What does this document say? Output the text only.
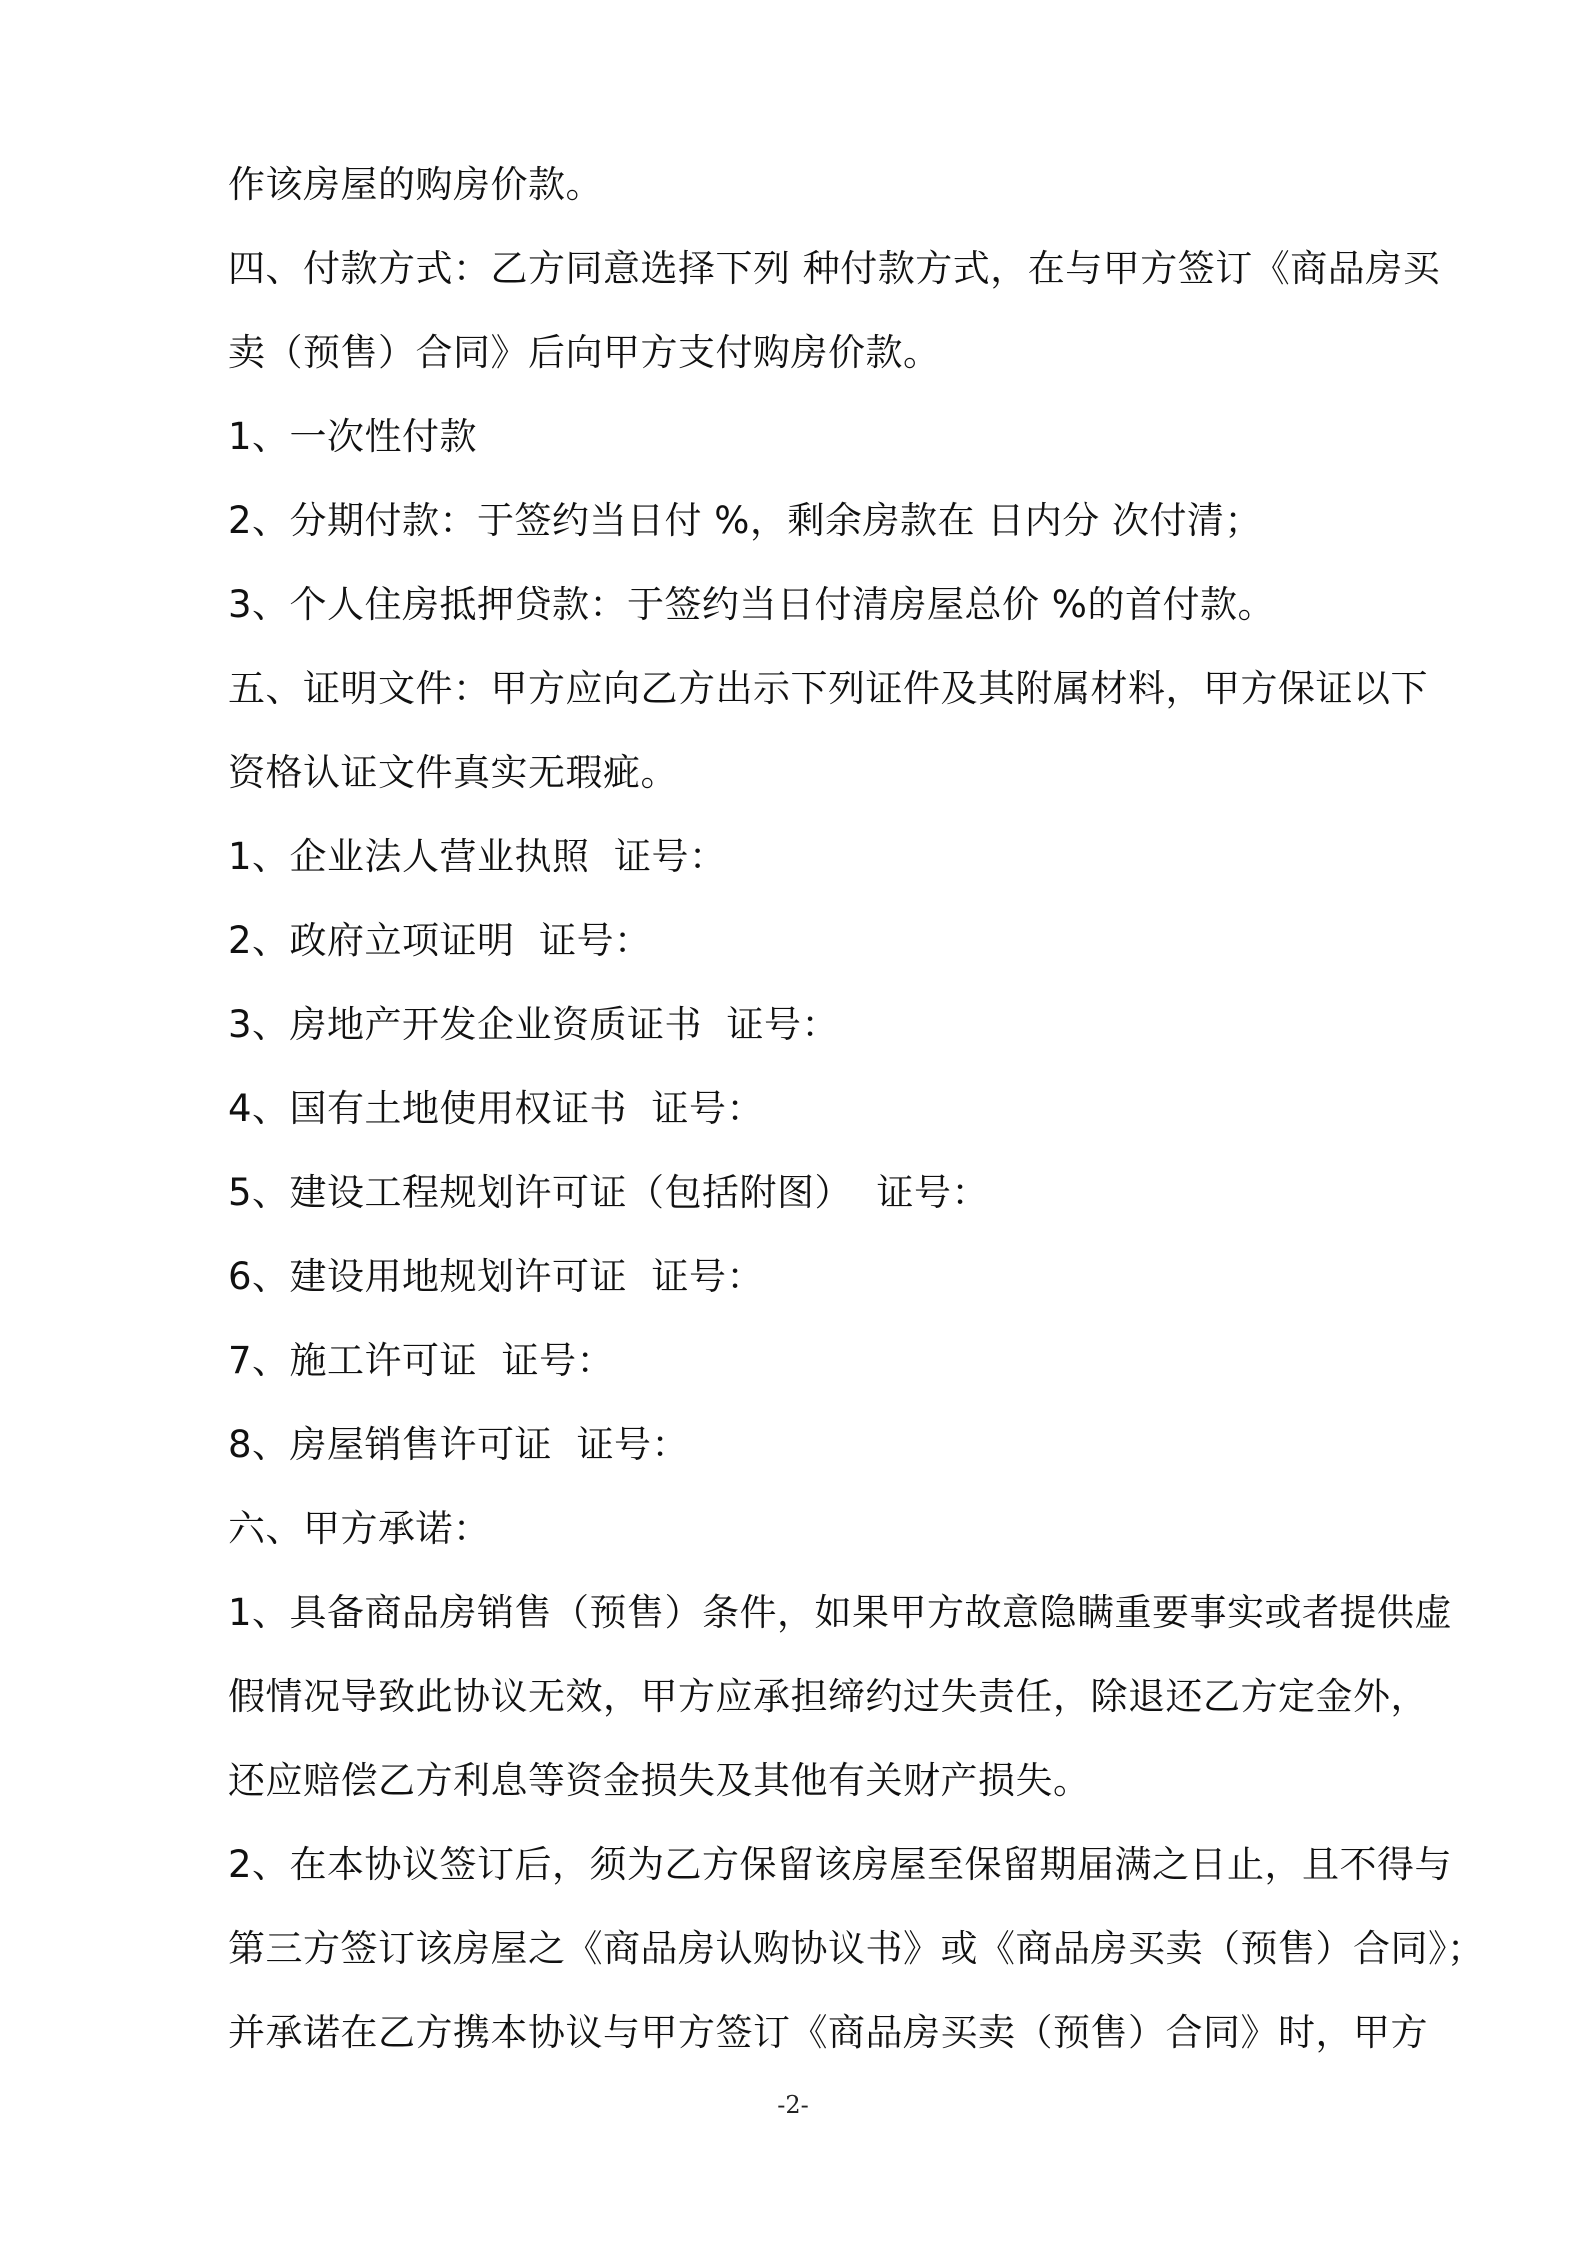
作该房屋的购房价款。
四、付款方式：乙方同意选择下列 种付款方式，在与甲方签订《商品房买
卖（预售）合同》后向甲方支付购房价款。
1、一次性付款
2、分期付款：于签约当日付 %，剩余房款在 日内分 次付清；
3、个人住房抵押贷款：于签约当日付清房屋总价 %的首付款。
五、证明文件：甲方应向乙方出示下列证件及其附属材料，甲方保证以下
资格认证文件真实无瑕疵。
1、企业法人营业执照  证号：
2、政府立项证明  证号：
3、房地产开发企业资质证书  证号：
4、国有土地使用权证书  证号：
5、建设工程规划许可证（包括附图）  证号：
6、建设用地规划许可证  证号：
7、施工许可证  证号：
8、房屋销售许可证  证号：
六、甲方承诺：
1、具备商品房销售（预售）条件，如果甲方故意隐瞒重要事实或者提供虚
假情况导致此协议无效，甲方应承担缔约过失责任，除退还乙方定金外，
还应赔偿乙方利息等资金损失及其他有关财产损失。
2、在本协议签订后，须为乙方保留该房屋至保留期届满之日止，且不得与
第三方签订该房屋之《商品房认购协议书》或《商品房买卖（预售）合同》；
并承诺在乙方携本协议与甲方签订《商品房买卖（预售）合同》时，甲方
-2-
